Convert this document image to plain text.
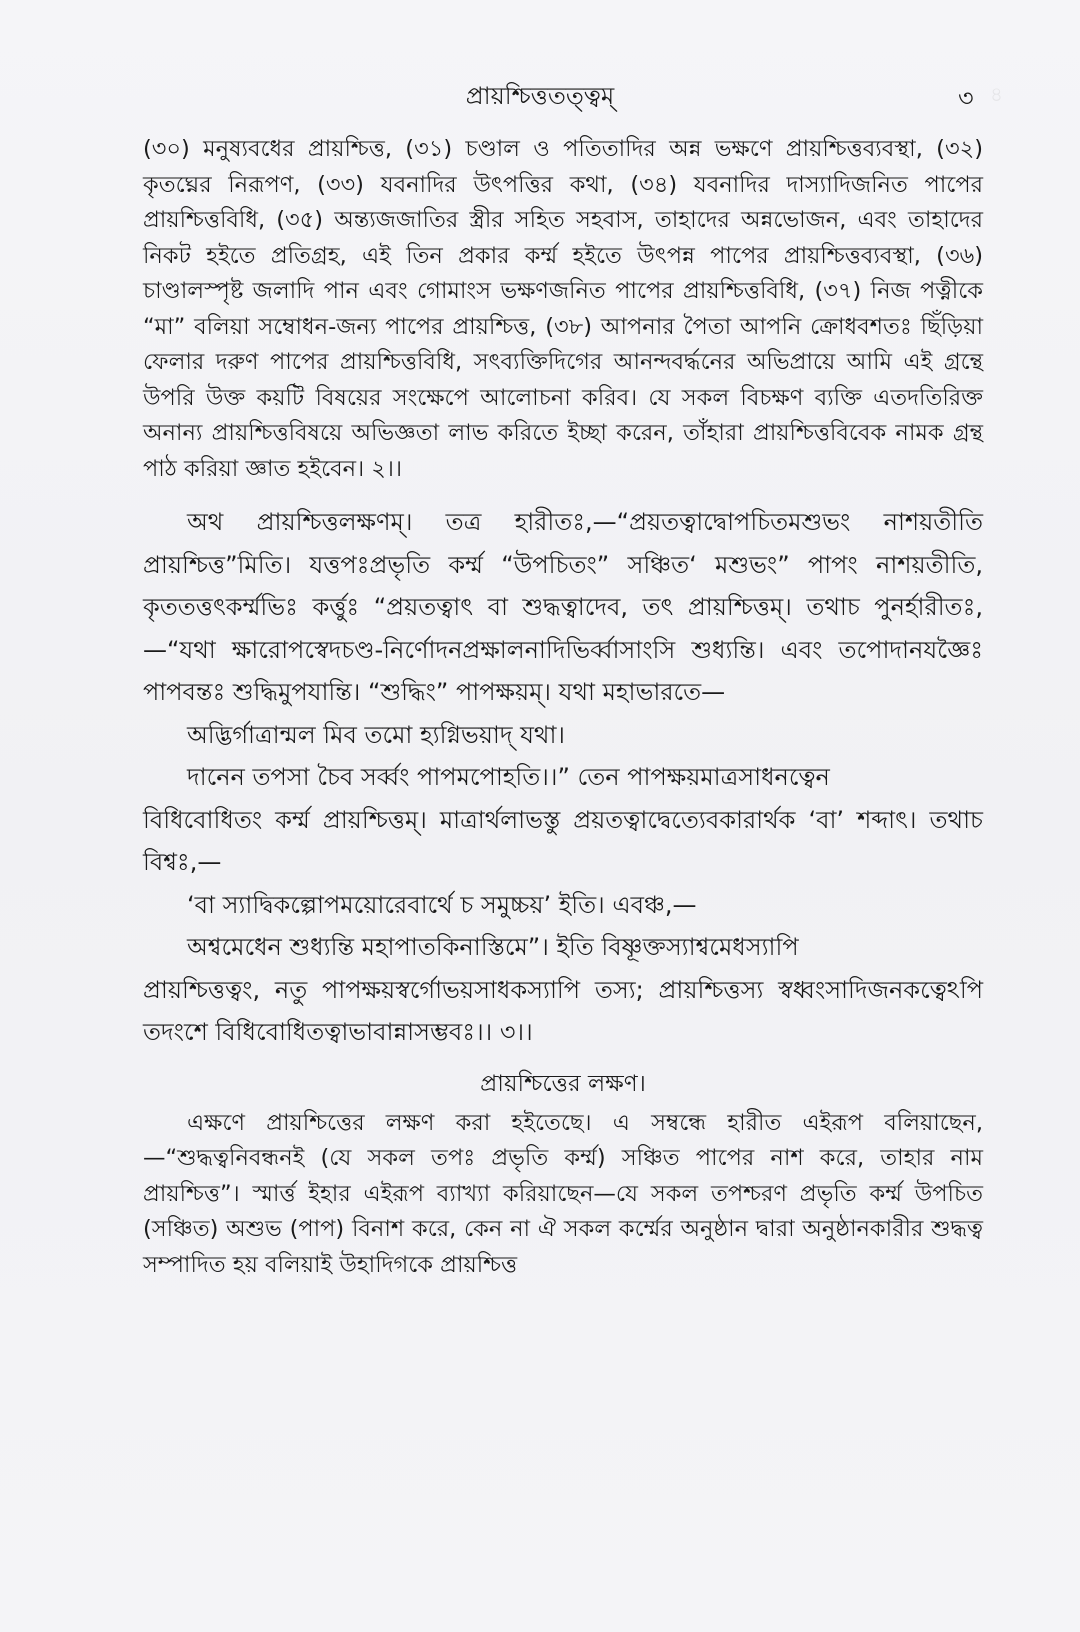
৪
প্রায়শ্চিত্ততত্ত্বম্	৩

(৩০) মনুষ্যবধের প্রায়শ্চিত্ত, (৩১) চণ্ডাল ও পতিতাদির অন্ন ভক্ষণে প্রায়শ্চিত্তব্যবস্থা, (৩২) কৃতঘ্নের নিরূপণ, (৩৩) যবনাদির উৎপত্তির কথা, (৩৪) যবনাদির দাস্যাদিজনিত পাপের প্রায়শ্চিত্তবিধি, (৩৫) অন্ত্যজজাতির স্ত্রীর সহিত সহবাস, তাহাদের অন্নভোজন, এবং তাহাদের নিকট হইতে প্রতিগ্রহ, এই তিন প্রকার কর্ম্ম হইতে উৎপন্ন পাপের প্রায়শ্চিত্তব্যবস্থা, (৩৬) চাণ্ডালস্পৃষ্ট জলাদি পান এবং গোমাংস ভক্ষণজনিত পাপের প্রায়শ্চিত্তবিধি, (৩৭) নিজ পত্নীকে “মা” বলিয়া সম্বোধন-জন্য পাপের প্রায়শ্চিত্ত, (৩৮) আপনার পৈতা আপনি ক্রোধবশতঃ ছিঁড়িয়া ফেলার দরুণ পাপের প্রায়শ্চিত্তবিধি, সৎব্যক্তিদিগের আনন্দবর্দ্ধনের অভিপ্রায়ে আমি এই গ্রন্থে উপরি উক্ত কয়টি বিষয়ের সংক্ষেপে আলোচনা করিব। যে সকল বিচক্ষণ ব্যক্তি এতদতিরিক্ত অনান্য প্রায়শ্চিত্তবিষয়ে অভিজ্ঞতা লাভ করিতে ইচ্ছা করেন, তাঁহারা প্রায়শ্চিত্তবিবেক নামক গ্রন্থ পাঠ করিয়া জ্ঞাত হইবেন। ২।।

অথ প্রায়শ্চিত্তলক্ষণম্। তত্র হারীতঃ,—“প্রয়তত্বাদ্বোপচিতমশুভং নাশয়তীতি প্রায়শ্চিত্ত”মিতি। যত্তপঃপ্রভৃতি কর্ম্ম “উপচিতং” সঞ্চিত‘ মশুভং” পাপং নাশয়তীতি, কৃততত্তৎকর্ম্মভিঃ কর্ত্তুঃ “প্রয়তত্বাৎ বা শুদ্ধত্বাদেব, তৎ প্রায়শ্চিত্তম্। তথাচ পুনর্হারীতঃ,—“যথা ক্ষারোপস্বেদচণ্ড-নির্ণোদনপ্রক্ষালনাদিভির্ব্বাসাংসি শুধ্যন্তি। এবং তপোদানযজ্ঞৈঃ পাপবন্তঃ শুদ্ধিমুপযান্তি। “শুদ্ধিং” পাপক্ষয়ম্। যথা মহাভারতে—

অদ্ভির্গাত্রান্মল মিব তমো হ্যগ্নিভয়াদ্ যথা।

দানেন তপসা চৈব সর্ব্বং পাপমপোহতি।।” তেন পাপক্ষয়মাত্রসাধনত্বেন

বিধিবোধিতং কর্ম্ম প্রায়শ্চিত্তম্। মাত্রার্থলাভস্তু প্রয়তত্বাদ্বেত্যেবকারার্থক ‘বা’ শব্দাৎ। তথাচ বিশ্বঃ,—

‘বা স্যাদ্বিকল্পোপময়োরেবার্থে চ সমুচ্চয়’ ইতি। এবঞ্চ,—

অশ্বমেধেন শুধ্যন্তি মহাপাতকিনাস্তিমে”। ইতি বিষ্ণূক্তস্যাশ্বমেধস্যাপি

প্রায়শ্চিত্তত্বং, নতু পাপক্ষয়স্বর্গোভয়সাধকস্যাপি তস্য; প্রায়শ্চিত্তস্য স্বধ্বংসাদিজনকত্বেঽপি তদংশে বিধিবোধিতত্বাভাবান্নাসম্ভবঃ।। ৩।।

প্রায়শ্চিত্তের লক্ষণ।

এক্ষণে প্রায়শ্চিত্তের লক্ষণ করা হইতেছে। এ সম্বন্ধে হারীত এইরূপ বলিয়াছেন, —“শুদ্ধত্বনিবন্ধনই (যে সকল তপঃ প্রভৃতি কর্ম্ম) সঞ্চিত পাপের নাশ করে, তাহার নাম প্রায়শ্চিত্ত”। স্মার্ত্ত ইহার এইরূপ ব্যাখ্যা করিয়াছেন—যে সকল তপশ্চরণ প্রভৃতি কর্ম্ম উপচিত (সঞ্চিত) অশুভ (পাপ) বিনাশ করে, কেন না ঐ সকল কর্ম্মের অনুষ্ঠান দ্বারা অনুষ্ঠানকারীর শুদ্ধত্ব সম্পাদিত হয় বলিয়াই উহাদিগকে প্রায়শ্চিত্ত
